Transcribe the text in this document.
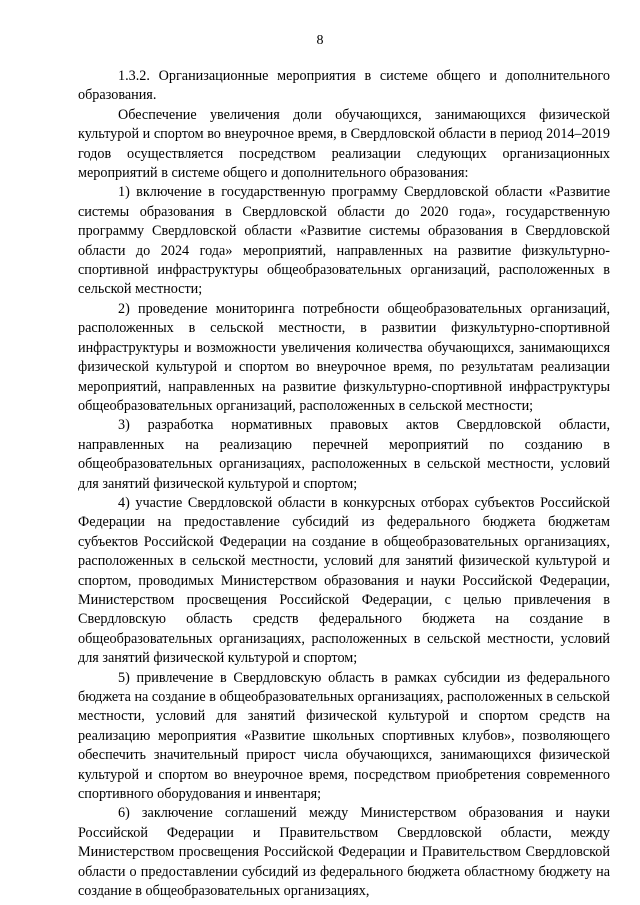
8

1.3.2. Организационные мероприятия в системе общего и дополнительного образования.

Обеспечение увеличения доли обучающихся, занимающихся физической культурой и спортом во внеурочное время, в Свердловской области в период 2014–2019 годов осуществляется посредством реализации следующих организационных мероприятий в системе общего и дополнительного образования:

1) включение в государственную программу Свердловской области «Развитие системы образования в Свердловской области до 2020 года», государственную программу Свердловской области «Развитие системы образования в Свердловской области до 2024 года» мероприятий, направленных на развитие физкультурно-спортивной инфраструктуры общеобразовательных организаций, расположенных в сельской местности;

2) проведение мониторинга потребности общеобразовательных организаций, расположенных в сельской местности, в развитии физкультурно-спортивной инфраструктуры и возможности увеличения количества обучающихся, занимающихся физической культурой и спортом во внеурочное время, по результатам реализации мероприятий, направленных на развитие физкультурно-спортивной инфраструктуры общеобразовательных организаций, расположенных в сельской местности;

3) разработка нормативных правовых актов Свердловской области, направленных на реализацию перечней мероприятий по созданию в общеобразовательных организациях, расположенных в сельской местности, условий для занятий физической культурой и спортом;

4) участие Свердловской области в конкурсных отборах субъектов Российской Федерации на предоставление субсидий из федерального бюджета бюджетам субъектов Российской Федерации на создание в общеобразовательных организациях, расположенных в сельской местности, условий для занятий физической культурой и спортом, проводимых Министерством образования и науки Российской Федерации, Министерством просвещения Российской Федерации, с целью привлечения в Свердловскую область средств федерального бюджета на создание в общеобразовательных организациях, расположенных в сельской местности, условий для занятий физической культурой и спортом;

5) привлечение в Свердловскую область в рамках субсидии из федерального бюджета на создание в общеобразовательных организациях, расположенных в сельской местности, условий для занятий физической культурой и спортом средств на реализацию мероприятия «Развитие школьных спортивных клубов», позволяющего обеспечить значительный прирост числа обучающихся, занимающихся физической культурой и спортом во внеурочное время, посредством приобретения современного спортивного оборудования и инвентаря;

6) заключение соглашений между Министерством образования и науки Российской Федерации и Правительством Свердловской области, между Министерством просвещения Российской Федерации и Правительством Свердловской области о предоставлении субсидий из федерального бюджета областному бюджету на создание в общеобразовательных организациях,
